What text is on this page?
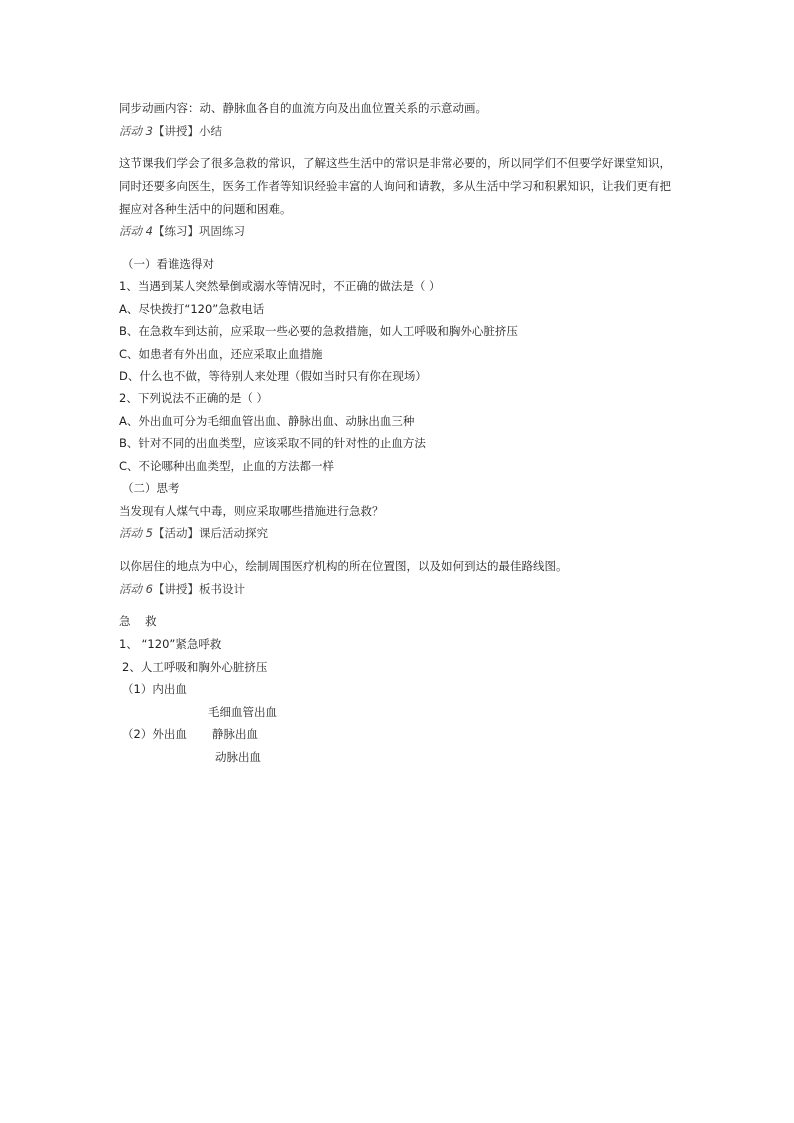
同步动画内容：动、静脉血各自的血流方向及出血位置关系的示意动画。
活动 3【讲授】小结
这节课我们学会了很多急救的常识，了解这些生活中的常识是非常必要的，所以同学们不但要学好课堂知识，同时还要多向医生，医务工作者等知识经验丰富的人询问和请教，多从生活中学习和积累知识，让我们更有把握应对各种生活中的问题和困难。
活动 4【练习】巩固练习
（一）看谁选得对
1、当遇到某人突然晕倒或溺水等情况时，不正确的做法是（ ）
A、尽快拨打“120”急救电话
B、在急救车到达前，应采取一些必要的急救措施，如人工呼吸和胸外心脏挤压
C、如患者有外出血，还应采取止血措施
D、什么也不做，等待别人来处理（假如当时只有你在现场）
2、下列说法不正确的是（ ）
A、外出血可分为毛细血管出血、静脉出血、动脉出血三种
B、针对不同的出血类型，应该采取不同的针对性的止血方法
C、不论哪种出血类型，止血的方法都一样
（二）思考
当发现有人煤气中毒，则应采取哪些措施进行急救？
活动 5【活动】课后活动探究
以你居住的地点为中心，绘制周围医疗机构的所在位置图，以及如何到达的最佳路线图。
活动 6【讲授】板书设计
急    救
1、 “120”紧急呼救
2、人工呼吸和胸外心脏挤压
（1）内出血
毛细血管出血
（2）外出血	静脉出血
动脉出血
